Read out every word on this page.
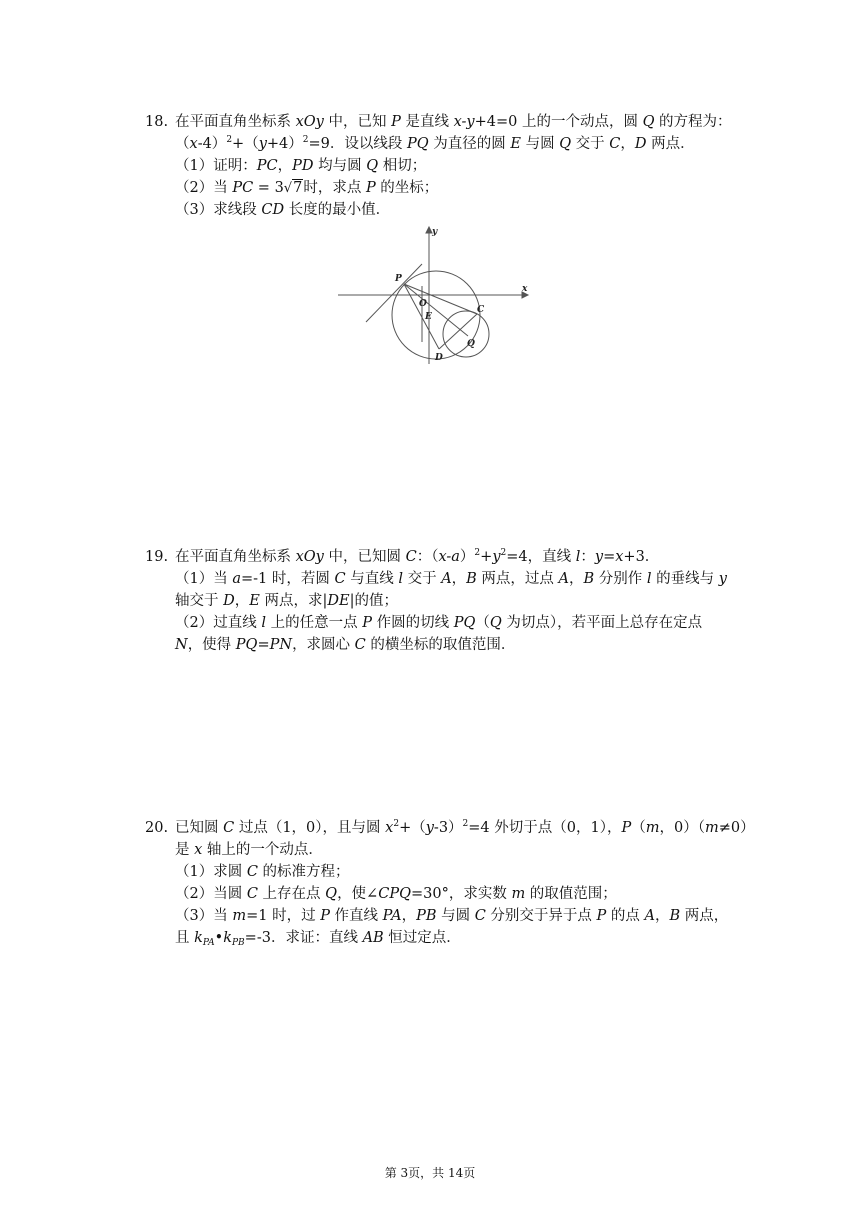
18. 在平面直角坐标系 xOy 中，已知 P 是直线 x-y+4=0 上的一个动点，圆 Q 的方程为：
$(x-4)^2+(y+4)^2=9$．设以线段 PQ 为直径的圆 E 与圆 Q 交于 C，D 两点．
（1）证明：PC，PD 均与圆 Q 相切；
（2）当 PC = 3√7时，求点 P 的坐标；
（3）求线段 CD 长度的最小值．
y
x
P
O
E
C
Q
D
19. 在平面直角坐标系 xOy 中，已知圆 C：$(x-a)^2+y^2=4$，直线 l：y=x+3．
（1）当 a=-1 时，若圆 C 与直线 l 交于 A，B 两点，过点 A，B 分别作 l 的垂线与 y
轴交于 D，E 两点，求|DE|的值；
（2）过直线 l 上的任意一点 P 作圆的切线 PQ（Q 为切点），若平面上总存在定点
N，使得 PQ=PN，求圆心 C 的横坐标的取值范围．
20. 已知圆 C 过点（1，0），且与圆 $x^2+(y-3)^2=4$ 外切于点（0，1），P（m，0）（m≠0）
是 x 轴上的一个动点．
（1）求圆 C 的标准方程；
（2）当圆 C 上存在点 Q，使∠CPQ=30°，求实数 m 的取值范围；
（3）当 m=1 时，过 P 作直线 PA，PB 与圆 C 分别交于异于点 P 的点 A，B 两点，
且 $k_{PA}•k_{PB}=-3$．求证：直线 AB 恒过定点．
第 3页，共 14页
